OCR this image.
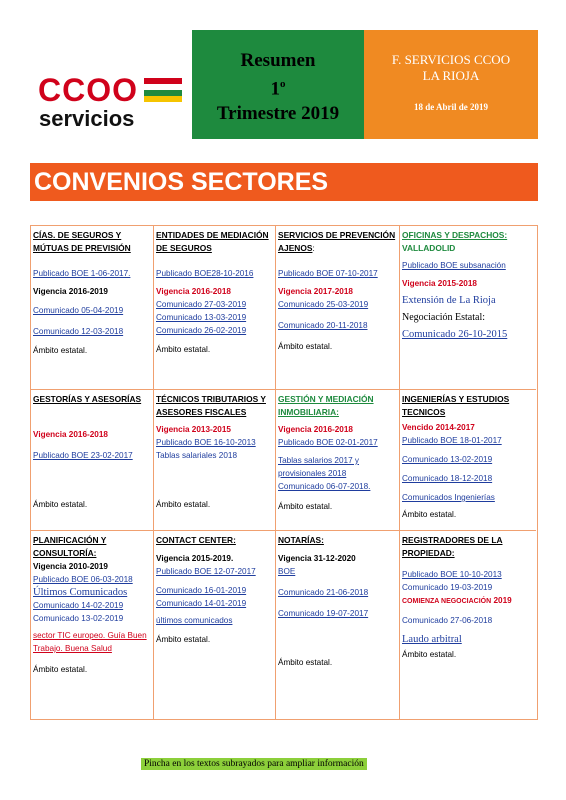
CCOO
servicios
Resumen
1$^o$
Trimestre 2019
F. SERVICIOS CCOO
LA RIOJA
18 de Abril de 2019
CONVENIOS SECTORES
CÍAS. DE SEGUROS Y MÚTUAS DE PREVISIÓN
Publicado BOE 1-06-2017.
Vigencia 2016-2019
Comunicado 05-04-2019
Comunicado 12-03-2018
Ámbito estatal.
ENTIDADES DE MEDIACIÓN DE SEGUROS
Publicado BOE28-10-2016
Vigencia 2016-2018
Comunicado 27-03-2019
Comunicado 13-03-2019
Comunicado 26-02-2019
Ámbito estatal.
SERVICIOS DE PREVENCIÓN AJENOS:
Publicado BOE 07-10-2017
Vigencia 2017-2018
Comunicado 25-03-2019
Comunicado 20-11-2018
Ámbito estatal.
OFICINAS Y DESPACHOS:
VALLADOLID
Publicado BOE subsanación
Vigencia 2015-2018
Extensión de La Rioja
Negociación Estatal:
Comunicado 26-10-2015
GESTORÍAS Y ASESORÍAS
Vigencia 2016-2018
Publicado BOE 23-02-2017
Ámbito estatal.
TÉCNICOS TRIBUTARIOS Y ASESORES FISCALES
Vigencia 2013-2015
Publicado BOE 16-10-2013
Tablas salariales 2018
Ámbito estatal.
GESTIÓN Y MEDIACIÓN INMOBILIARIA:
Vigencia 2016-2018
Publicado BOE 02-01-2017
Tablas salarios 2017 y provisionales 2018
Comunicado 06-07-2018.
Ámbito estatal.
INGENIERÍAS Y ESTUDIOS TECNICOS
Vencido 2014-2017
Publicado BOE 18-01-2017
Comunicado 13-02-2019
Comunicado 18-12-2018
Comunicados Ingenierías
Ámbito estatal.
PLANIFICACIÓN Y CONSULTORÍA:
Vigencia 2010-2019
Publicado BOE 06-03-2018
Últimos Comunicados
Comunicado 14-02-2019
Comunicado 13-02-2019
sector TIC europeo. Guía Buen Trabajo. Buena Salud
Ámbito estatal.
CONTACT CENTER:
Vigencia 2015-2019.
Publicado BOE 12-07-2017
Comunicado 16-01-2019
Comunicado 14-01-2019
últimos comunicados
Ámbito estatal.
NOTARÍAS:
Vigencia 31-12-2020
BOE
Comunicado 21-06-2018
Comunicado 19-07-2017
Ámbito estatal.
REGISTRADORES DE LA PROPIEDAD:
Publicado BOE 10-10-2013
Comunicado 19-03-2019
COMIENZA NEGOCIACIÓN 2019
Comunicado 27-06-2018
Laudo arbitral
Ámbito estatal.
Pincha en los textos subrayados para ampliar información
